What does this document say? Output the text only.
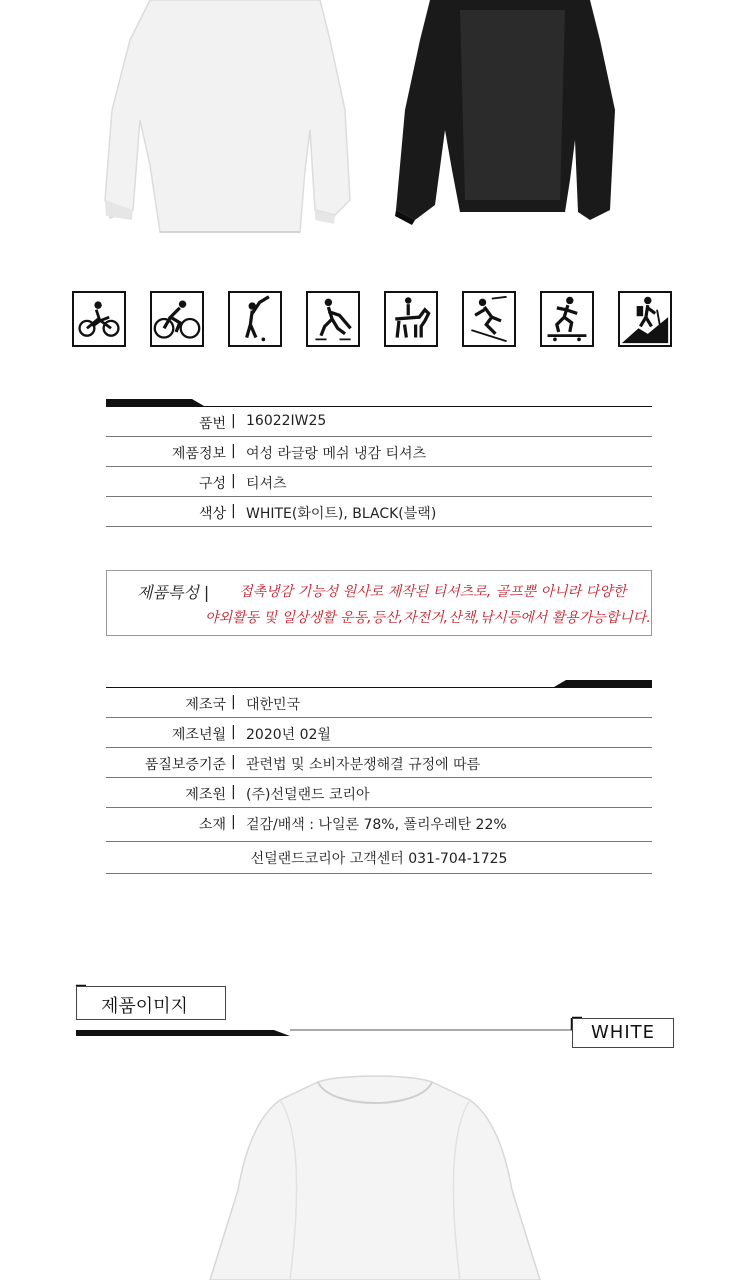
품번 | 16022IW25
제품정보 | 여성 라글랑 메쉬 냉감 티셔츠
구성 | 티셔츠
색상 | WHITE(화이트), BLACK(블랙)
제품특성 | 접촉냉감 기능성 원사로 제작된 티셔츠로, 골프뿐 아니라 다양한
야외활동 및 일상생활 운동,등산,자전거,산책,낚시등에서 활용가능합니다.
제조국 | 대한민국
제조년월 | 2020년 02월
품질보증기준 | 관련법 및 소비자분쟁해결 규정에 따름
제조원 | (주)선덜랜드 코리아
소재 | 겉감/배색 : 나일론 78%, 폴리우레탄 22%
선덜랜드코리아 고객센터 031-704-1725
제품이미지
WHITE
